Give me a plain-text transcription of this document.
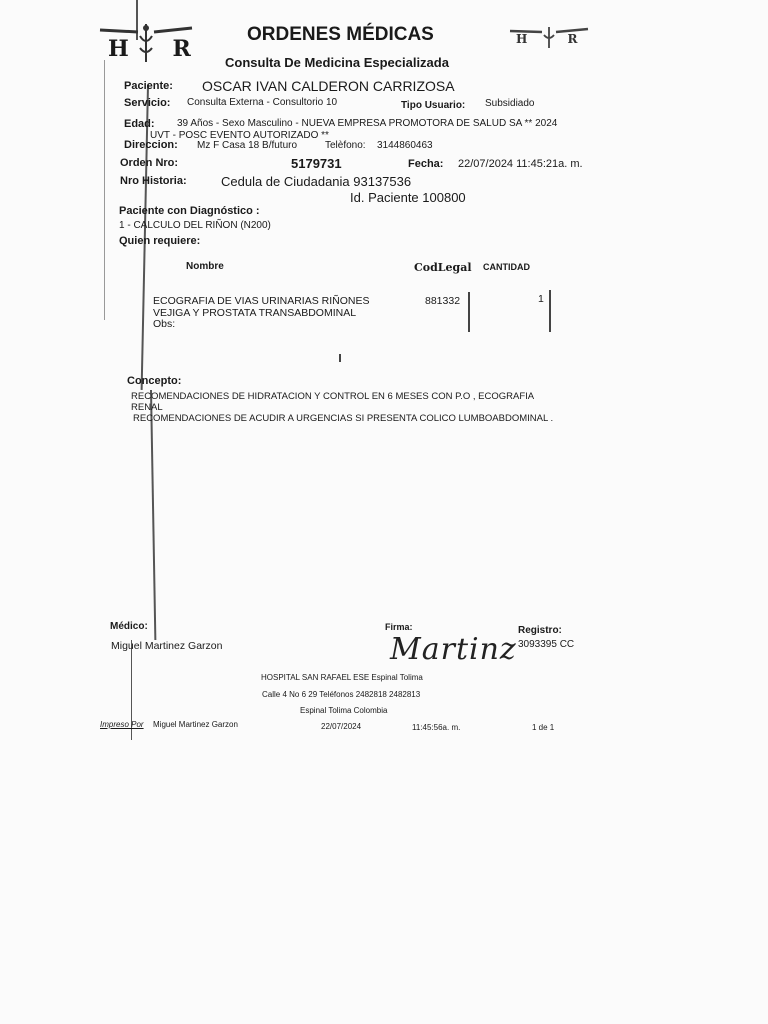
H R	H R
ORDENES MÉDICAS
Consulta De Medicina Especializada
Paciente: OSCAR IVAN CALDERON CARRIZOSA
Servicio: Consulta Externa - Consultorio 10	Tipo Usuario: Subsidiado
Edad: 39 Años - Sexo Masculino - NUEVA EMPRESA PROMOTORA DE SALUD SA ** 2024
UVT - POSC EVENTO AUTORIZADO **
Direccion: Mz F Casa 18 B/futuro	Telèfono: 3144860463
Orden Nro:	5179731	Fecha: 22/07/2024 11:45:21a. m.
Nro Historia:	Cedula de Ciudadania 93137536
Id. Paciente 100800
Paciente con Diagnóstico :
1 - CALCULO DEL RIÑON (N200)
Quien requiere:
Nombre	CodLegal CANTIDAD
ECOGRAFIA DE VIAS URINARIAS RIÑONES
VEJIGA Y PROSTATA TRANSABDOMINAL
Obs:
881332	1
Concepto:
RECOMENDACIONES DE HIDRATACION Y CONTROL EN 6 MESES CON P.O , ECOGRAFIA
RENAL
RECOMENDACIONES DE ACUDIR A URGENCIAS SI PRESENTA COLICO LUMBOABDOMINAL .
Médico:
Miguel Martinez Garzon
Firma:
Martinz
Registro:
3093395 CC
HOSPITAL SAN RAFAEL ESE Espinal Tolima
Calle 4 No 6 29 Teléfonos 2482818 2482813
Espinal Tolima Colombia
Impreso Por Miguel Martinez Garzon	22/07/2024	11:45:56a. m.	1 de 1
